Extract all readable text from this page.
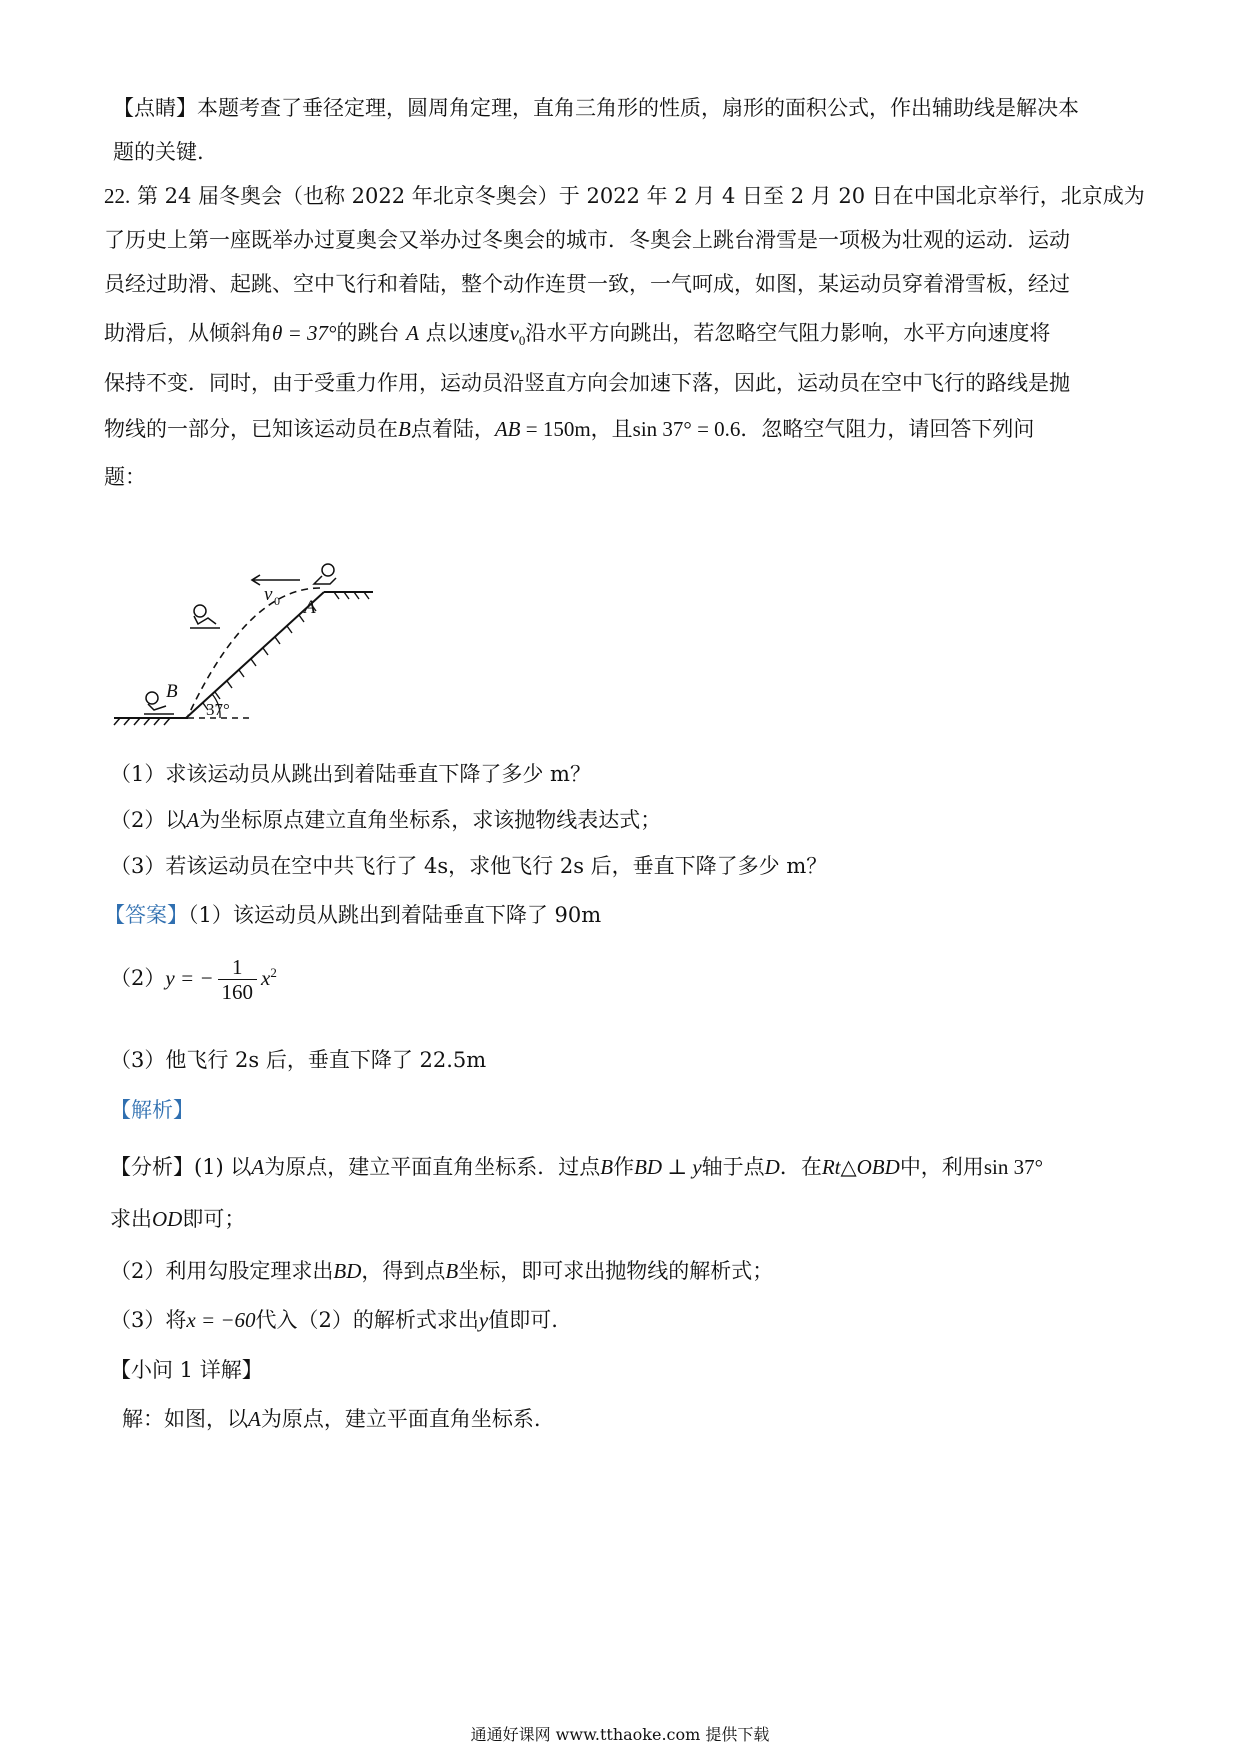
【点睛】本题考查了垂径定理，圆周角定理，直角三角形的性质，扇形的面积公式，作出辅助线是解决本
题的关键.
22. 第 24 届冬奥会（也称 2022 年北京冬奥会）于 2022 年 2 月 4 日至 2 月 20 日在中国北京举行，北京成为
了历史上第一座既举办过夏奥会又举办过冬奥会的城市．冬奥会上跳台滑雪是一项极为壮观的运动．运动
员经过助滑、起跳、空中飞行和着陆，整个动作连贯一致，一气呵成，如图，某运动员穿着滑雪板，经过
助滑后，从倾斜角θ = 37°的跳台 A 点以速度$v_0$沿水平方向跳出，若忽略空气阻力影响，水平方向速度将
保持不变．同时，由于受重力作用，运动员沿竖直方向会加速下落，因此，运动员在空中飞行的路线是抛
物线的一部分，已知该运动员在B点着陆，AB = 150m，且sin 37° = 0.6．忽略空气阻力，请回答下列问
题：
v 0 A
B
37°
（1）求该运动员从跳出到着陆垂直下降了多少 m？
（2）以A为坐标原点建立直角坐标系，求该抛物线表达式；
（3）若该运动员在空中共飞行了 4s，求他飞行 2s 后，垂直下降了多少 m？
【答案】（1）该运动员从跳出到着陆垂直下降了 90m
（2）y = − $\frac{1}{160} x^2$
（3）他飞行 2s 后，垂直下降了 22.5m
【解析】
【分析】(1) 以A为原点，建立平面直角坐标系．过点B作BD ⊥ y轴于点D．在Rt△OBD中，利用sin 37°
求出OD即可；
（2）利用勾股定理求出BD，得到点B坐标，即可求出抛物线的解析式；
（3）将x = −60代入（2）的解析式求出y值即可.
【小问 1 详解】
解：如图，以A为原点，建立平面直角坐标系.
通通好课网 www.tthaoke.com 提供下载
